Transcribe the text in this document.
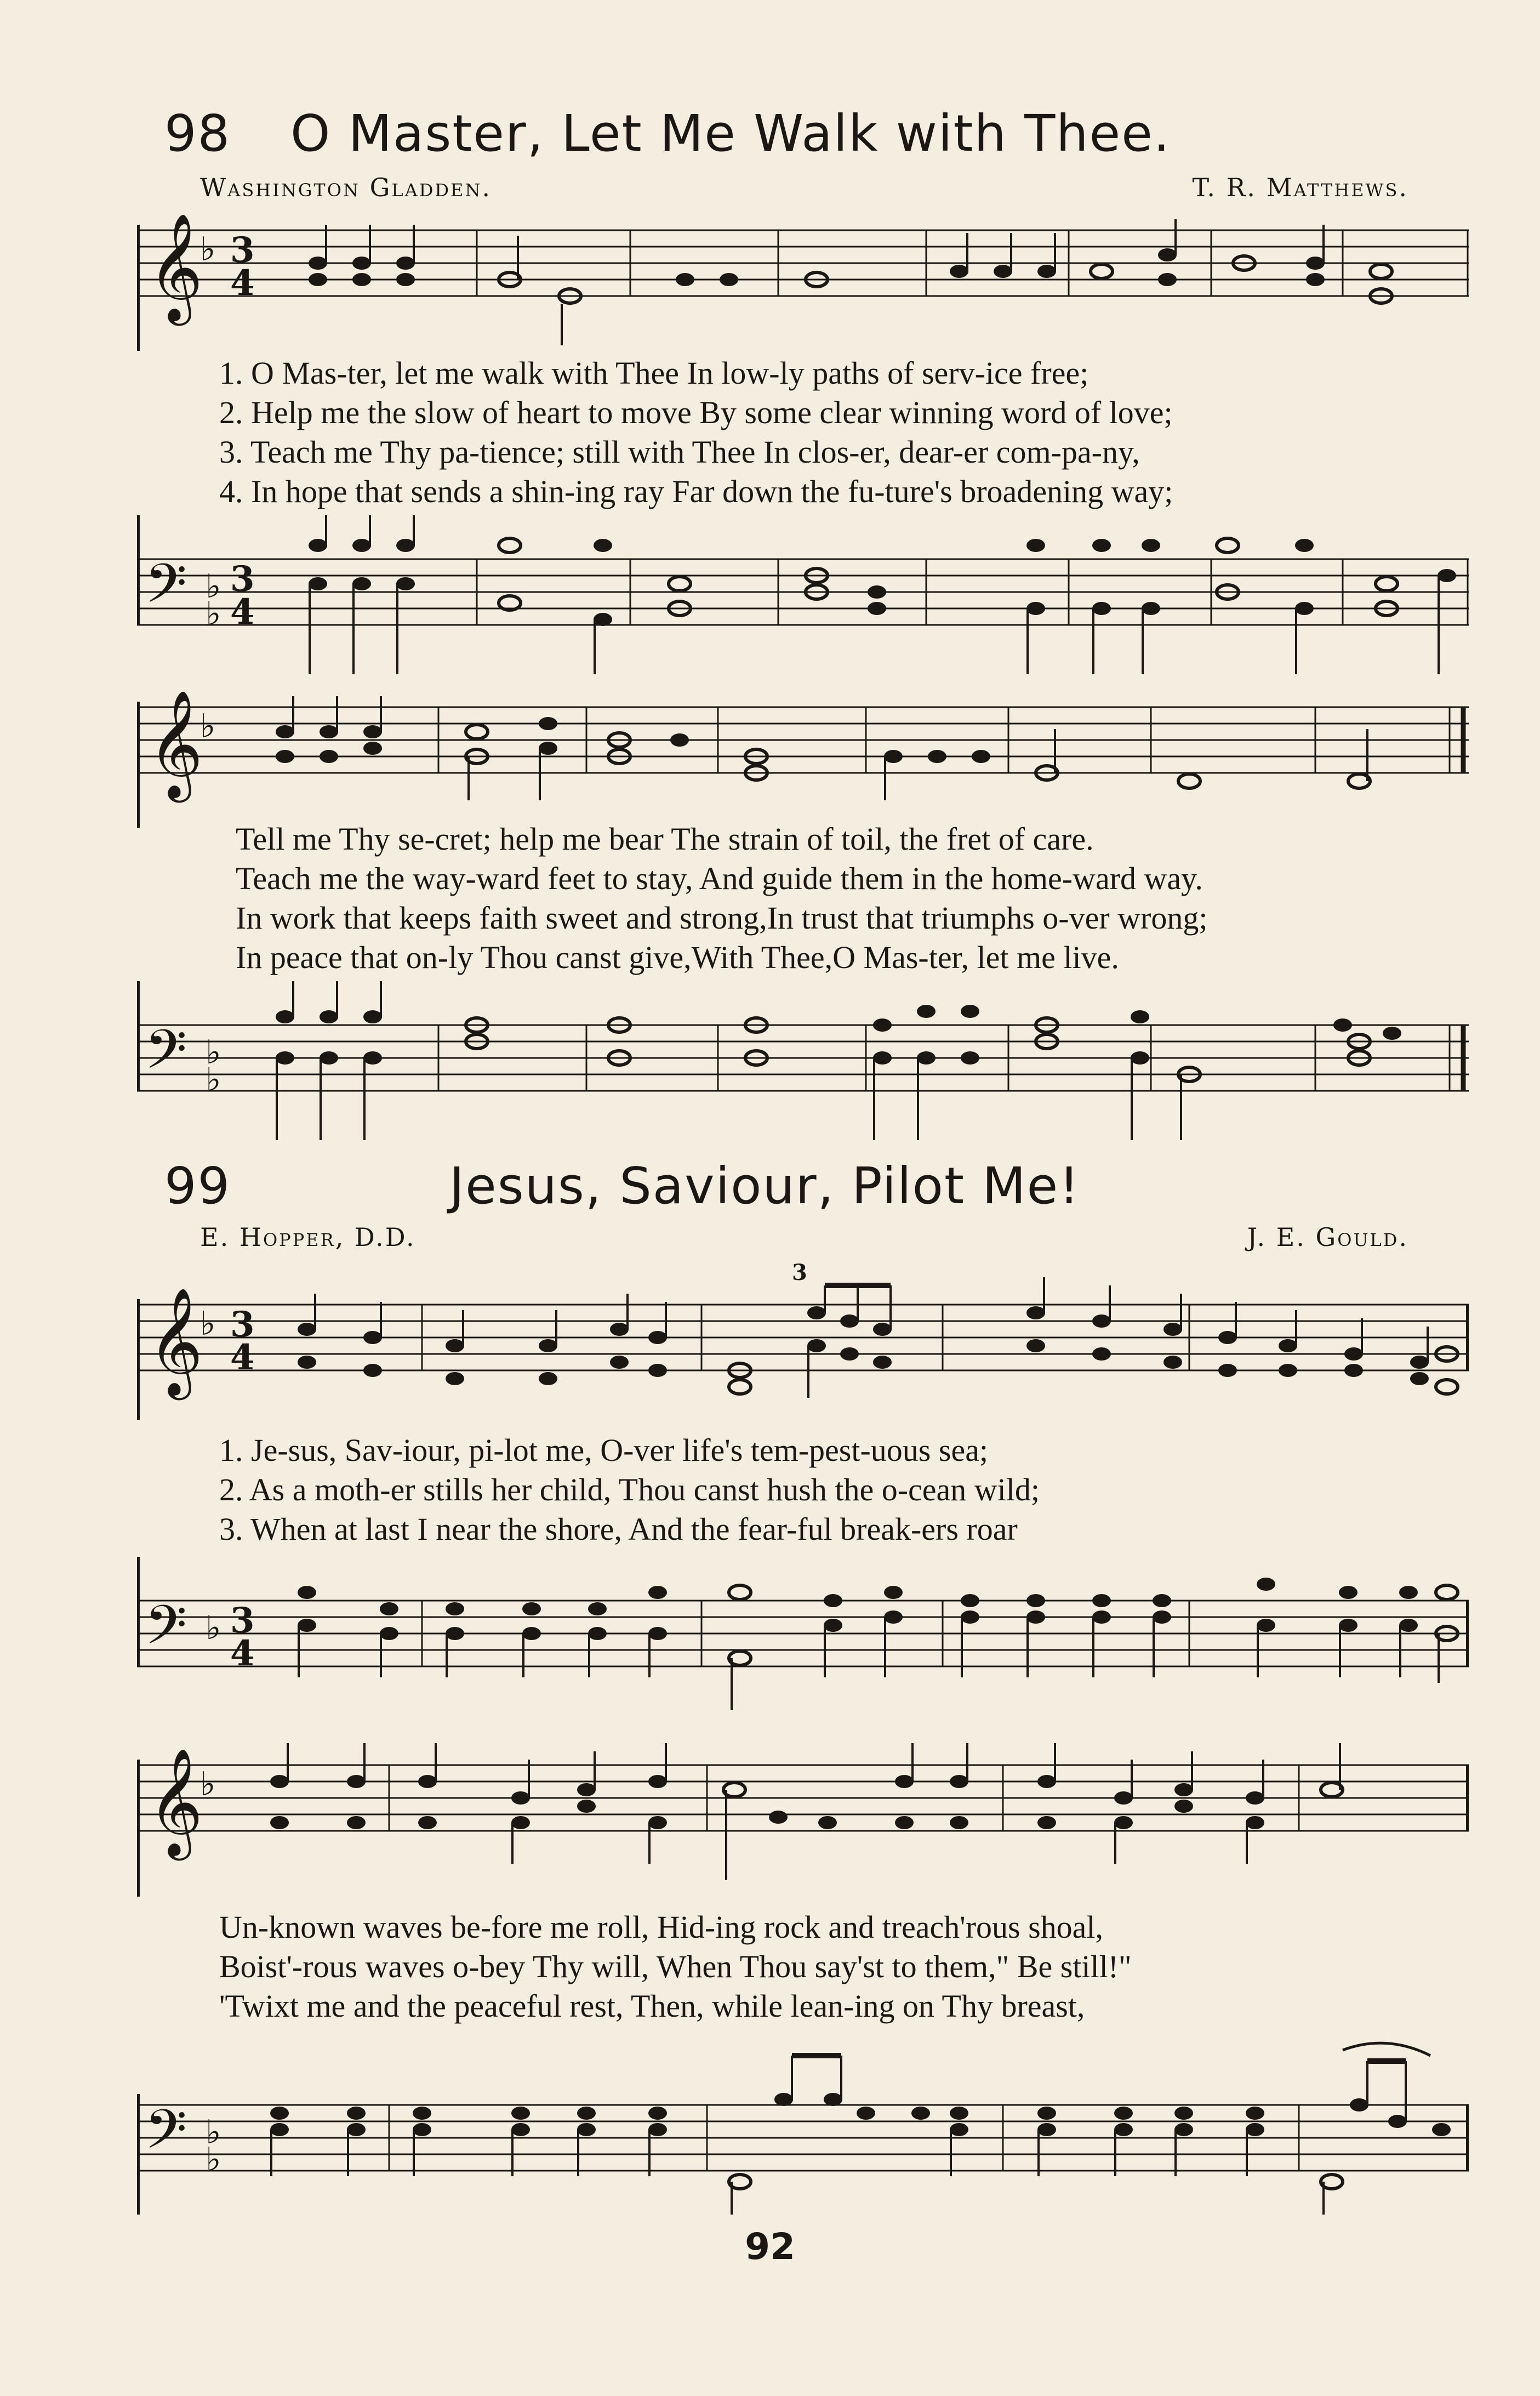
98 O Master, Let Me Walk with Thee.
Washington Gladden.	T. R. Matthews.
𝄞
♭ 3
4
1. O Mas-ter, let me walk with Thee In low-ly paths of serv-ice free;
2. Help me the slow of heart to move By some clear winning word of love;
3. Teach me Thy pa-tience; still with Thee In clos-er, dear-er com-pa-ny,
4. In hope that sends a shin-ing ray Far down the fu-ture's broadening way;
𝄢 ♭
♭
3
4
𝄞
♭
Tell me Thy se-cret; help me bear The strain of toil, the fret of care.
Teach me the way-ward feet to stay, And guide them in the home-ward way.
In work that keeps faith sweet and strong,In trust that triumphs o-ver wrong;
In peace that on-ly Thou canst give,With Thee,O Mas-ter, let me live.
𝄢 ♭
♭
99	Jesus, Saviour, Pilot Me!
E. Hopper, D.D.	J. E. Gould.
𝄞
♭ 3
4
3
1. Je-sus, Sav-iour, pi-lot me, O-ver life's tem-pest-uous sea;
2. As a moth-er stills her child, Thou canst hush the o-cean wild;
3. When at last I near the shore, And the fear-ful break-ers roar
𝄢 ♭ 3
4
𝄞
♭
Un-known waves be-fore me roll, Hid-ing rock and treach'rous shoal,
Boist'-rous waves o-bey Thy will, When Thou say'st to them," Be still!"
'Twixt me and the peaceful rest, Then, while lean-ing on Thy breast,
𝄢 ♭
♭
92
